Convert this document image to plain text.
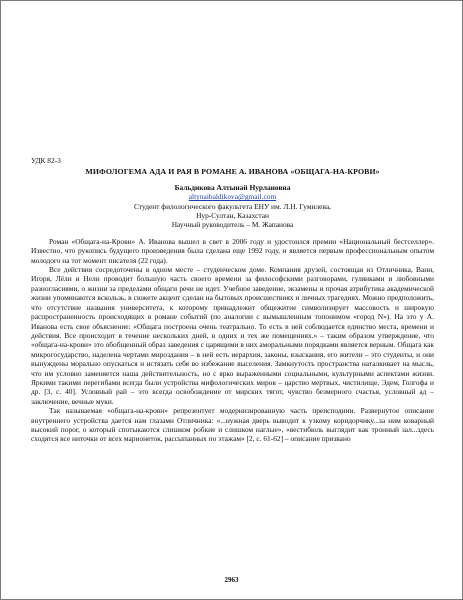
УДК 82-3
МИФОЛОГЕМА АДА И РАЯ В РОМАНЕ А. ИВАНОВА «ОБЩАГА-НА-КРОВИ»

Бальдикова Алтынай Нурлановна

altynaibaldikova@gmail.com

Студент филологического факультета ЕНУ им. Л.Н. Гумилева,

Нур-Султан, Казахстан

Научный руководитель – М. Жапанова

Роман «Общага-на-Крови» А. Иванова вышел в свет в 2006 году и удостоился премии «Национальный бестселлер». Известно, что рукопись будущего произведения была сделана еще 1992 году, и является первым профессиональным опытом молодого на тот момент писателя (22 года).

Все действия сосредоточены в одном месте – студенческом доме. Компания друзей, состоящая из Отличника, Вани, Игоря, Лёли и Нели проводит большую часть своего времени за философскими разговорами, гулянками и любовными разногласиями, о жизни за пределами общаги речи не идет. Учебное заведение, экзамены и прочая атрибутика академической жизни упоминаются вскользь, в сюжете акцент сделан на бытовых происшествиях и личных трагедиях. Можно предположить, что отсутствие названия университета, к которому принадлежит общежитие символизирует массовость и широкую распространенность происходящих в романе событий (по аналогии с вымышленным топонимом «город N»). На это у А. Иванова есть свое объяснение: «Общага построена очень театрально. То есть в ней соблюдается единство места, времени и действия. Все происходит в течение нескольких дней, в одних и тех же помещениях.» – таким образом утверждение, что «общага-на-крови» это обобщенный образ заведения с царящими в них аморальными порядками является верным. Общага как микрогосударство, наделена чертами мироздания – в ней есть иерархия, законы, взыскания, его жители – это студенты, и они вынуждены морально опускаться и истязать себя во избежание выселения. Замкнутость пространства наталкивает на мысль, что им условно заменяется наша действительность, но с ярко выраженными социальными, культурными аспектами жизни. Яркими такими перегибами всегда были устройства мифологических миров – царство мертвых, чистилище, Эдем, Голгофа и др. [3, с. 40]. Условный рай – это всегда освобождение от мирских тягот, чувство безмерного счастья, условный ад – заключение, вечные муки.

Так называемая «общага-на-крови» репрезентует модернизированную часть преисподнии. Развернутое описание внутреннего устройства дается нам глазами Отличника: «...нужная дверь выводит к узкому коридорчику...за ним коварный высокий порог, о который спотыкаются слишком робкие и слишком наглые», «вестибюль выглядит как тронный зал...здесь сходятся все ниточки от всех марионеток, рассыпанных по этажам» [2, с. 61-62] – описание призвано

2963
